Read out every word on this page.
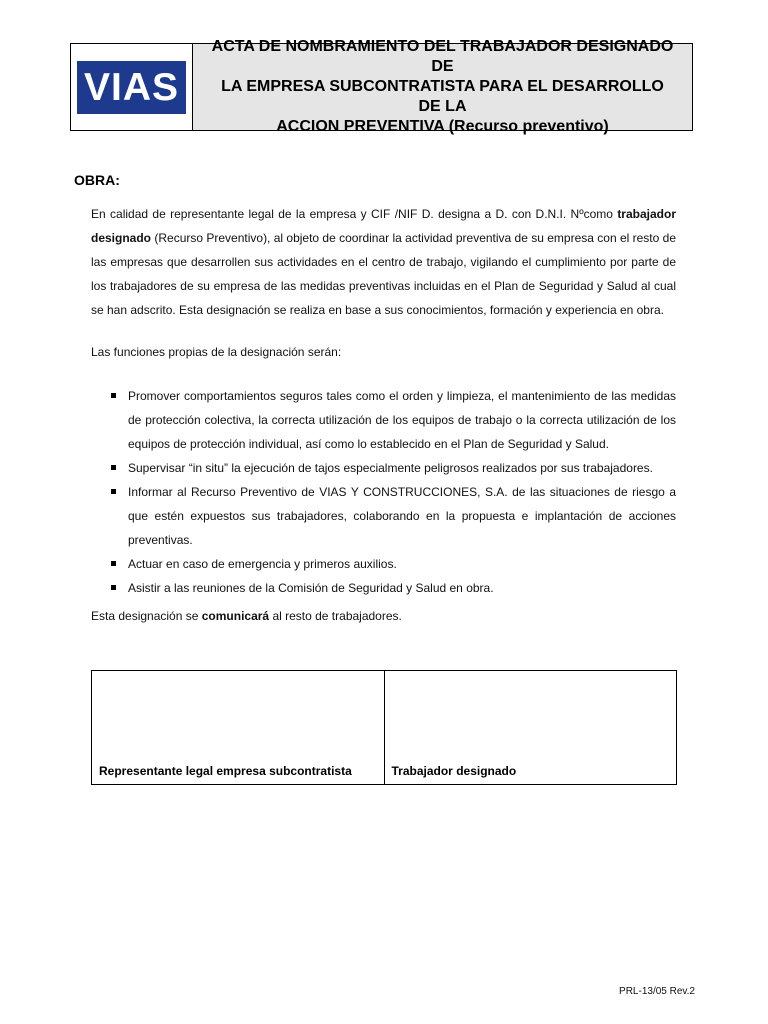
VIAS
ACTA DE NOMBRAMIENTO DEL TRABAJADOR DESIGNADO DE
LA EMPRESA SUBCONTRATISTA PARA EL DESARROLLO DE LA
ACCION PREVENTIVA (Recurso preventivo)
OBRA:
En calidad de representante legal de la empresa y CIF /NIF D. designa a D. con D.N.I. Nºcomo trabajador designado (Recurso Preventivo), al objeto de coordinar la actividad preventiva de su empresa con el resto de las empresas que desarrollen sus actividades en el centro de trabajo, vigilando el cumplimiento por parte de los trabajadores de su empresa de las medidas preventivas incluidas en el Plan de Seguridad y Salud al cual se han adscrito. Esta designación se realiza en base a sus conocimientos, formación y experiencia en obra.
Las funciones propias de la designación serán:
Promover comportamientos seguros tales como el orden y limpieza, el mantenimiento de las medidas de protección colectiva, la correcta utilización de los equipos de trabajo o la correcta utilización de los equipos de protección individual, así como lo establecido en el Plan de Seguridad y Salud.
Supervisar “in situ” la ejecución de tajos especialmente peligrosos realizados por sus trabajadores.
Informar al Recurso Preventivo de VIAS Y CONSTRUCCIONES, S.A. de las situaciones de riesgo a que estén expuestos sus trabajadores, colaborando en la propuesta e implantación de acciones preventivas.
Actuar en caso de emergencia y primeros auxilios.
Asistir a las reuniones de la Comisión de Seguridad y Salud en obra.
Esta designación se comunicará al resto de trabajadores.
Representante legal empresa subcontratista	Trabajador designado
PRL-13/05 Rev.2
